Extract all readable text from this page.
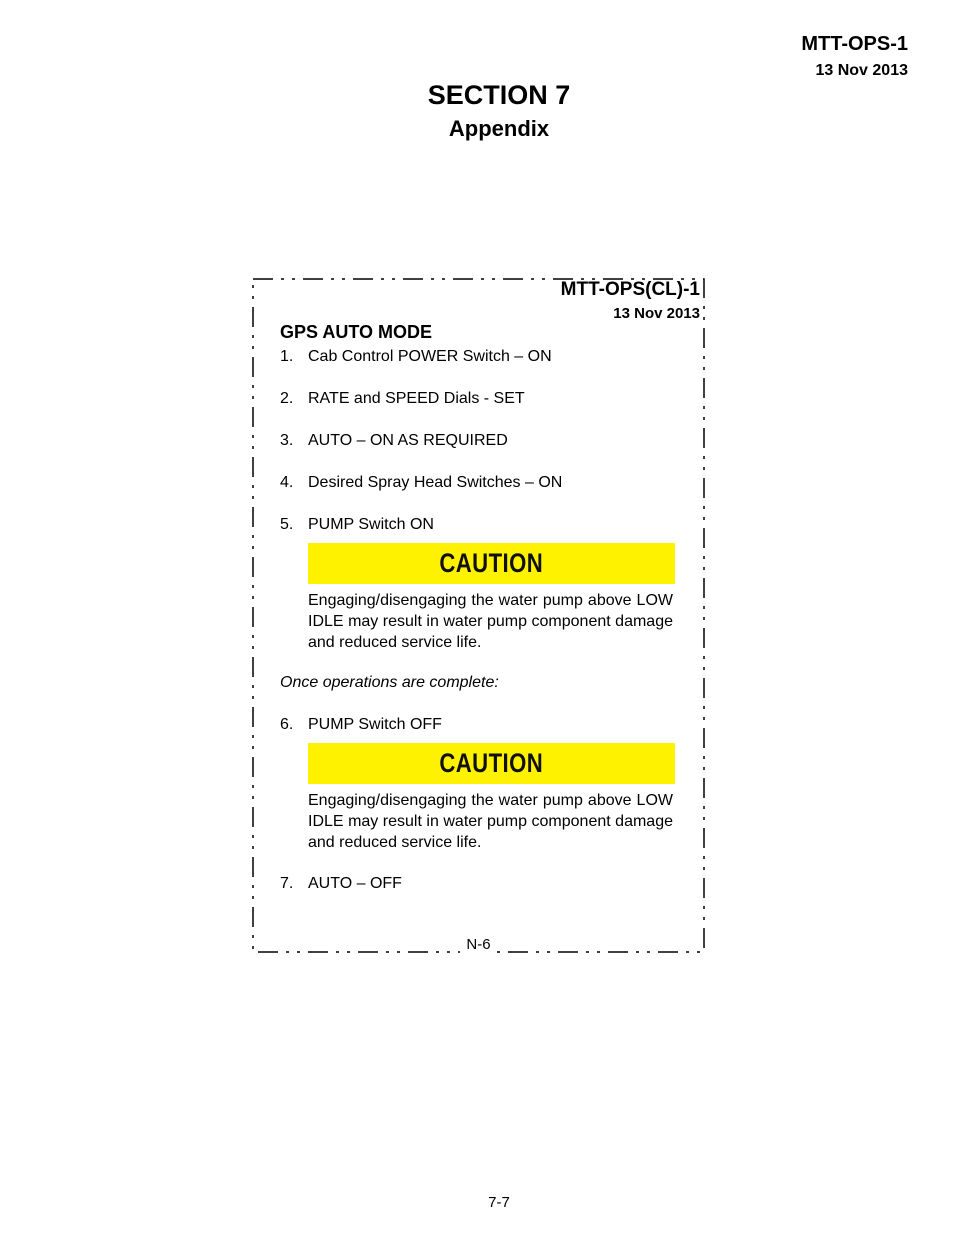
MTT-OPS-1
13 Nov 2013
SECTION 7
Appendix
MTT-OPS(CL)-1
13 Nov 2013
GPS AUTO MODE
1. Cab Control POWER Switch – ON
2. RATE and SPEED Dials - SET
3. AUTO – ON AS REQUIRED
4. Desired Spray Head Switches – ON
5. PUMP Switch ON
CAUTION
Engaging/disengaging the water pump above LOW IDLE may result in water pump component damage and reduced service life.
Once operations are complete:
6. PUMP Switch OFF
CAUTION
Engaging/disengaging the water pump above LOW IDLE may result in water pump component damage and reduced service life.
7. AUTO – OFF
N-6
7-7
